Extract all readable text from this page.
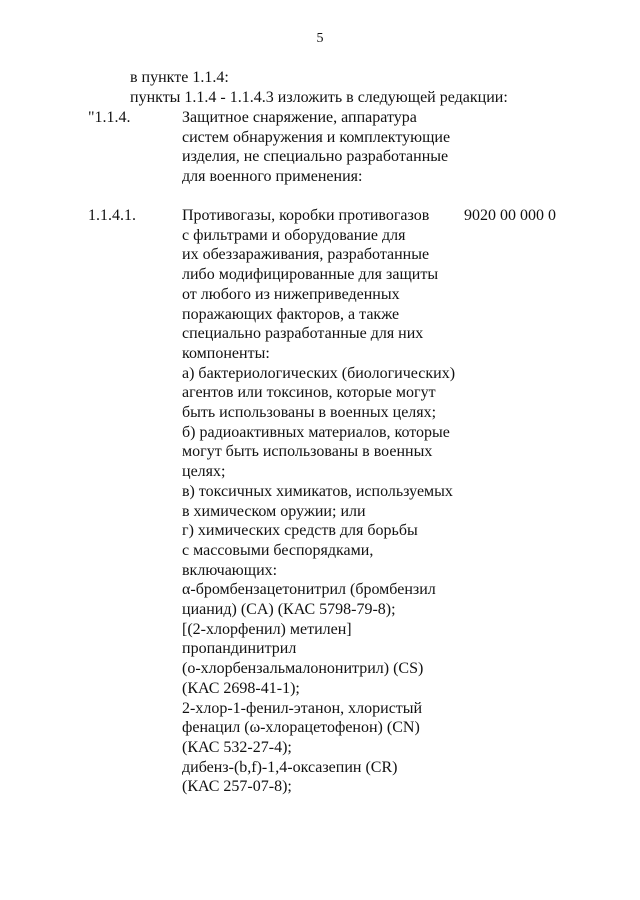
5
в пункте 1.1.4:
пункты 1.1.4 - 1.1.4.3 изложить в следующей редакции:
"1.1.4.	Защитное снаряжение, аппаратура
систем обнаружения и комплектующие
изделия, не специально разработанные
для военного применения:
1.1.4.1.	9020 00 000 0
Противогазы, коробки противогазов
с фильтрами и оборудование для
их обеззараживания, разработанные
либо модифицированные для защиты
от любого из нижеприведенных
поражающих факторов, а также
специально разработанные для них
компоненты:
а) бактериологических (биологических)
агентов или токсинов, которые могут
быть использованы в военных целях;
б) радиоактивных материалов, которые
могут быть использованы в военных
целях;
в) токсичных химикатов, используемых
в химическом оружии; или
г) химических средств для борьбы
с массовыми беспорядками,
включающих:
α-бромбензацетонитрил (бромбензил
цианид) (CA) (КАС 5798-79-8);
[(2-хлорфенил) метилен]
пропандинитрил
(о-хлорбензальмалононитрил) (CS)
(КАС 2698-41-1);
2-хлор-1-фенил-этанон, хлористый
фенацил (ω-хлорацетофенон) (CN)
(КАС 532-27-4);
дибенз-(b,f)-1,4-оксазепин (CR)
(КАС 257-07-8);
